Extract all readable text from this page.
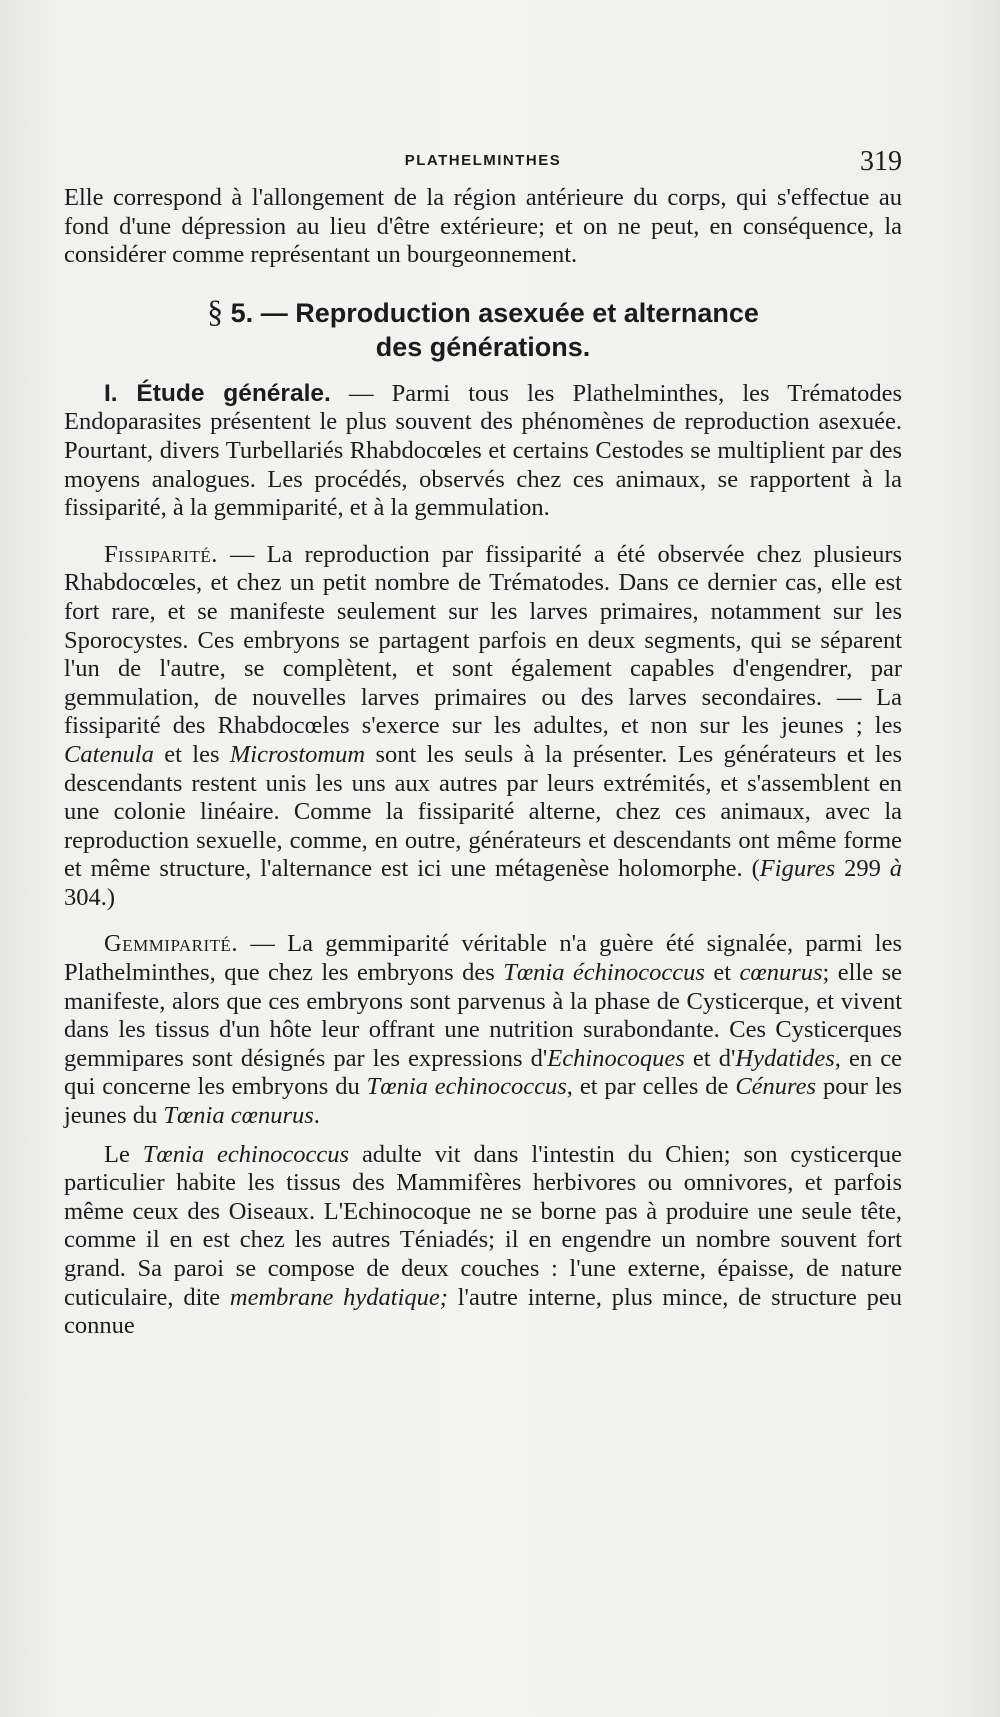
PLATHELMINTHES	319

Elle correspond à l'allongement de la région antérieure du corps, qui s'effectue au fond d'une dépression au lieu d'être extérieure; et on ne peut, en conséquence, la considérer comme représentant un bourgeonnement.

§ 5. — Reproduction asexuée et alternance
des générations.

I. Étude générale. — Parmi tous les Plathelminthes, les Trématodes Endoparasites présentent le plus souvent des phénomènes de reproduction asexuée. Pourtant, divers Turbellariés Rhabdocœles et certains Cestodes se multiplient par des moyens analogues. Les procédés, observés chez ces animaux, se rapportent à la fissiparité, à la gemmiparité, et à la gemmulation.

Fissiparité. — La reproduction par fissiparité a été observée chez plusieurs Rhabdocœles, et chez un petit nombre de Trématodes. Dans ce dernier cas, elle est fort rare, et se manifeste seulement sur les larves primaires, notamment sur les Sporocystes. Ces embryons se partagent parfois en deux segments, qui se séparent l'un de l'autre, se complètent, et sont également capables d'engendrer, par gemmulation, de nouvelles larves primaires ou des larves secondaires. — La fissiparité des Rhabdocœles s'exerce sur les adultes, et non sur les jeunes ; les Catenula et les Microstomum sont les seuls à la présenter. Les générateurs et les descendants restent unis les uns aux autres par leurs extrémités, et s'assemblent en une colonie linéaire. Comme la fissiparité alterne, chez ces animaux, avec la reproduction sexuelle, comme, en outre, générateurs et descendants ont même forme et même structure, l'alternance est ici une métagenèse holomorphe. (Figures 299 à 304.)

Gemmiparité. — La gemmiparité véritable n'a guère été signalée, parmi les Plathelminthes, que chez les embryons des Tœnia échinococcus et cœnurus; elle se manifeste, alors que ces embryons sont parvenus à la phase de Cysticerque, et vivent dans les tissus d'un hôte leur offrant une nutrition surabondante. Ces Cysticerques gemmipares sont désignés par les expressions d'Echinocoques et d'Hydatides, en ce qui concerne les embryons du Tœnia echinococcus, et par celles de Cénures pour les jeunes du Tœnia cœnurus.

Le Tœnia echinococcus adulte vit dans l'intestin du Chien; son cysticerque particulier habite les tissus des Mammifères herbivores ou omnivores, et parfois même ceux des Oiseaux. L'Echinocoque ne se borne pas à produire une seule tête, comme il en est chez les autres Téniadés; il en engendre un nombre souvent fort grand. Sa paroi se compose de deux couches : l'une externe, épaisse, de nature cuticulaire, dite membrane hydatique; l'autre interne, plus mince, de structure peu connue
